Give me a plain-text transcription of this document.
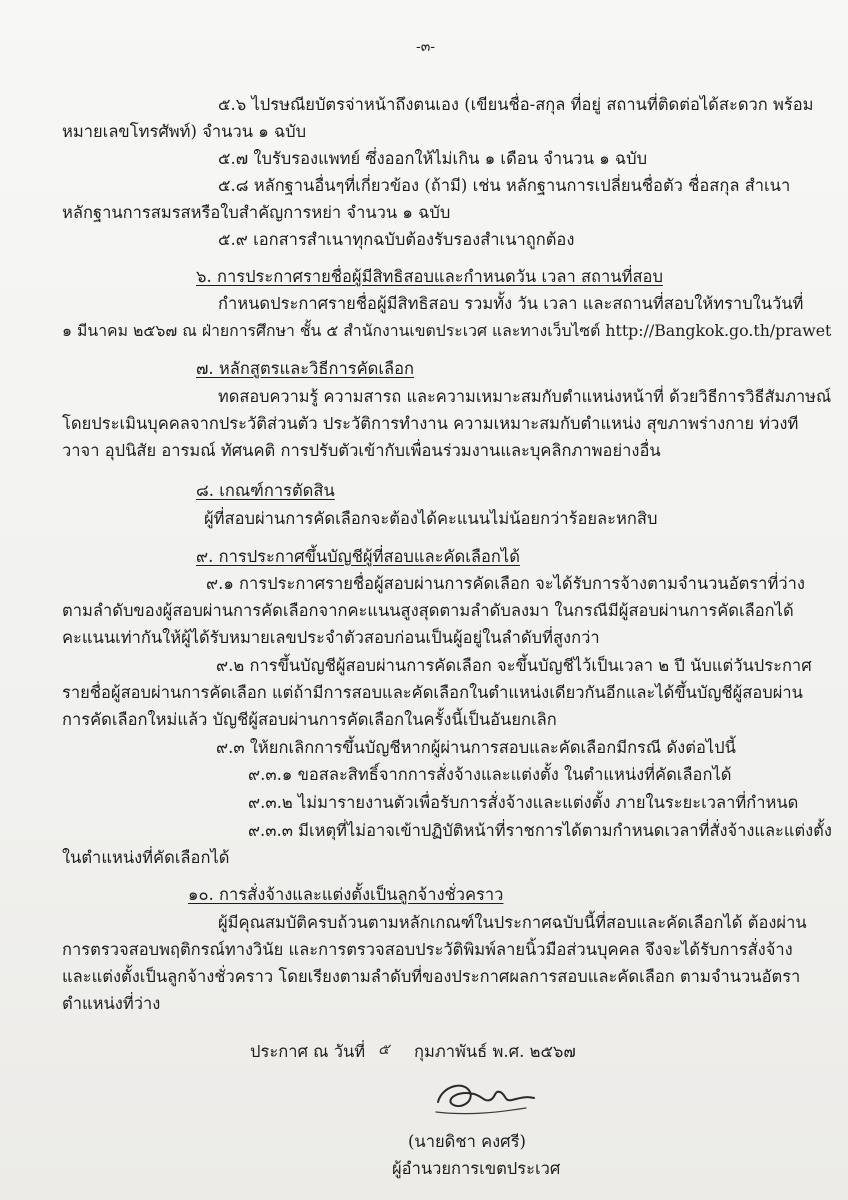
-๓-
๕.๖ ไปรษณียบัตรจ่าหน้าถึงตนเอง (เขียนชื่อ-สกุล ที่อยู่ สถานที่ติดต่อได้สะดวก พร้อม
หมายเลขโทรศัพท์) จำนวน ๑ ฉบับ
๕.๗ ใบรับรองแพทย์ ซึ่งออกให้ไม่เกิน ๑ เดือน จำนวน ๑ ฉบับ
๕.๘ หลักฐานอื่นๆที่เกี่ยวข้อง (ถ้ามี) เช่น หลักฐานการเปลี่ยนชื่อตัว ชื่อสกุล สำเนา
หลักฐานการสมรสหรือใบสำคัญการหย่า จำนวน ๑ ฉบับ
๕.๙ เอกสารสำเนาทุกฉบับต้องรับรองสำเนาถูกต้อง
๖. การประกาศรายชื่อผู้มีสิทธิสอบและกำหนดวัน เวลา สถานที่สอบ
กำหนดประกาศรายชื่อผู้มีสิทธิสอบ รวมทั้ง วัน เวลา และสถานที่สอบให้ทราบในวันที่
๑ มีนาคม ๒๕๖๗ ณ ฝ่ายการศึกษา ชั้น ๕ สำนักงานเขตประเวศ และทางเว็บไซต์ http://Bangkok.go.th/prawet
๗. หลักสูตรและวิธีการคัดเลือก
ทดสอบความรู้ ความสารถ และความเหมาะสมกับตำแหน่งหน้าที่ ด้วยวิธีการวิธีสัมภาษณ์
โดยประเมินบุคคลจากประวัติส่วนตัว ประวัติการทำงาน ความเหมาะสมกับตำแหน่ง สุขภาพร่างกาย ท่วงที
วาจา อุปนิสัย อารมณ์ ทัศนคติ การปรับตัวเข้ากับเพื่อนร่วมงานและบุคลิกภาพอย่างอื่น
๘. เกณฑ์การตัดสิน
ผู้ที่สอบผ่านการคัดเลือกจะต้องได้คะแนนไม่น้อยกว่าร้อยละหกสิบ
๙. การประกาศขึ้นบัญชีผู้ที่สอบและคัดเลือกได้
๙.๑ การประกาศรายชื่อผู้สอบผ่านการคัดเลือก จะได้รับการจ้างตามจำนวนอัตราที่ว่าง
ตามลำดับของผู้สอบผ่านการคัดเลือกจากคะแนนสูงสุดตามลำดับลงมา ในกรณีมีผู้สอบผ่านการคัดเลือกได้
คะแนนเท่ากันให้ผู้ได้รับหมายเลขประจำตัวสอบก่อนเป็นผู้อยู่ในลำดับที่สูงกว่า
๙.๒ การขึ้นบัญชีผู้สอบผ่านการคัดเลือก จะขึ้นบัญชีไว้เป็นเวลา ๒ ปี นับแต่วันประกาศ
รายชื่อผู้สอบผ่านการคัดเลือก แต่ถ้ามีการสอบและคัดเลือกในตำแหน่งเดียวกันอีกและได้ขึ้นบัญชีผู้สอบผ่าน
การคัดเลือกใหม่แล้ว บัญชีผู้สอบผ่านการคัดเลือกในครั้งนี้เป็นอันยกเลิก
๙.๓ ให้ยกเลิกการขึ้นบัญชีหากผู้ผ่านการสอบและคัดเลือกมีกรณี ดังต่อไปนี้
๙.๓.๑ ขอสละสิทธิ์จากการสั่งจ้างและแต่งตั้ง ในตำแหน่งที่คัดเลือกได้
๙.๓.๒ ไม่มารายงานตัวเพื่อรับการสั่งจ้างและแต่งตั้ง ภายในระยะเวลาที่กำหนด
๙.๓.๓ มีเหตุที่ไม่อาจเข้าปฏิบัติหน้าที่ราชการได้ตามกำหนดเวลาที่สั่งจ้างและแต่งตั้ง
ในตำแหน่งที่คัดเลือกได้
๑๐. การสั่งจ้างและแต่งตั้งเป็นลูกจ้างชั่วคราว
ผู้มีคุณสมบัติครบถ้วนตามหลักเกณฑ์ในประกาศฉบับนี้ที่สอบและคัดเลือกได้ ต้องผ่าน
การตรวจสอบพฤติกรณ์ทางวินัย และการตรวจสอบประวัติพิมพ์ลายนิ้วมือส่วนบุคคล จึงจะได้รับการสั่งจ้าง
และแต่งตั้งเป็นลูกจ้างชั่วคราว โดยเรียงตามลำดับที่ของประกาศผลการสอบและคัดเลือก ตามจำนวนอัตรา
ตำแหน่งที่ว่าง
ประกาศ ณ วันที่ ๕ กุมภาพันธ์ พ.ศ. ๒๕๖๗
(นายดิชา คงศรี)
ผู้อำนวยการเขตประเวศ
